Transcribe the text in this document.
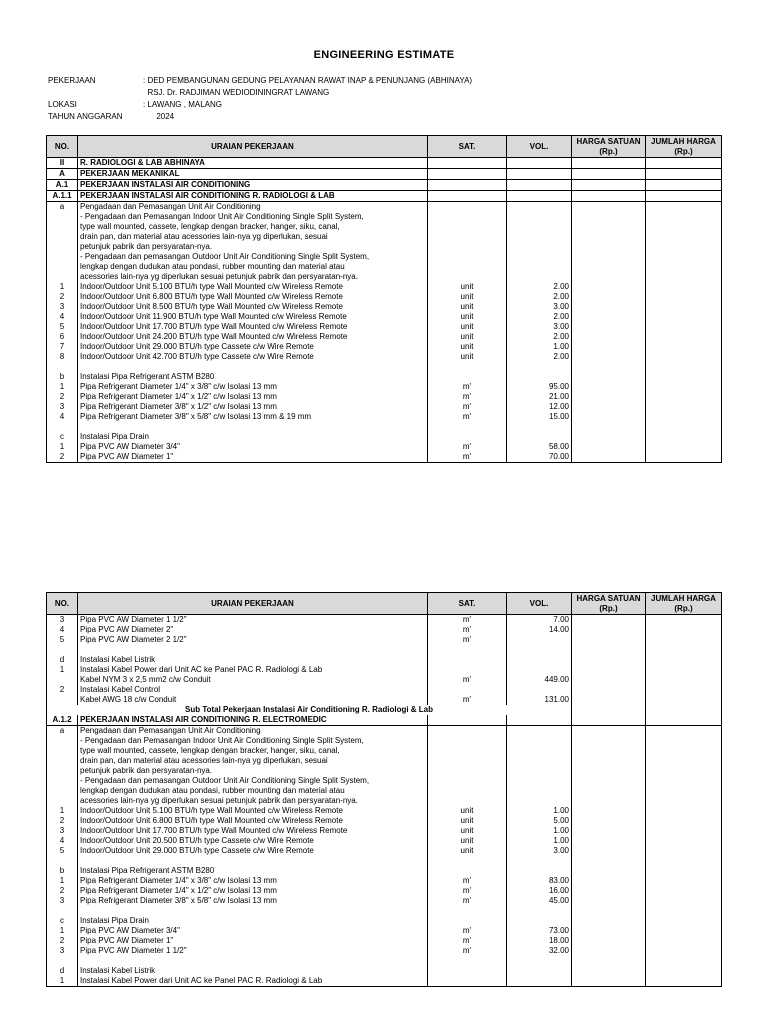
ENGINEERING ESTIMATE
PEKERJAAN	: DED PEMBANGUNAN GEDUNG PELAYANAN RAWAT INAP & PENUNJANG (ABHINAYA)
RSJ. Dr. RADJIMAN WEDIODININGRAT LAWANG
LOKASI	: LAWANG , MALANG
TAHUN ANGGARAN	2024
NO.	URAIAN PEKERJAAN	SAT.	VOL.	HARGA SATUAN (Rp.)	JUMLAH HARGA (Rp.)
II	R. RADIOLOGI & LAB ABHINAYA				
A	PEKERJAAN MEKANIKAL				
A.1	PEKERJAAN INSTALASI AIR CONDITIONING				
A.1.1	PEKERJAAN INSTALASI AIR CONDITIONING R. RADIOLOGI & LAB				
a	Pengadaan dan Pemasangan Unit Air Conditioning				
	- Pengadaan dan Pemasangan Indoor Unit Air Conditioning Single Split System,				
	type wall mounted, cassete, lengkap dengan bracker, hanger, siku, canal,				
	drain pan, dan material atau acessories lain-nya yg diperlukan, sesuai				
	petunjuk pabrik dan persyaratan-nya.				
	- Pengadaan dan pemasangan Outdoor Unit Air Conditioning Single Split System,				
	lengkap dengan dudukan atau pondasi, rubber mounting dan material atau				
	acessories lain-nya yg diperlukan sesuai petunjuk pabrik dan persyaratan-nya.				
1	Indoor/Outdoor Unit 5.100 BTU/h type Wall Mounted c/w Wireless Remote	unit	2.00		
2	Indoor/Outdoor Unit 6.800 BTU/h type Wall Mounted c/w Wireless Remote	unit	2.00		
3	Indoor/Outdoor Unit 8.500 BTU/h type Wall Mounted c/w Wireless Remote	unit	3.00		
4	Indoor/Outdoor Unit 11.900 BTU/h type Wall Mounted c/w Wireless Remote	unit	2.00		
5	Indoor/Outdoor Unit 17.700 BTU/h type Wall Mounted c/w Wireless Remote	unit	3.00		
6	Indoor/Outdoor Unit 24.200 BTU/h type Wall Mounted c/w Wireless Remote	unit	2.00		
7	Indoor/Outdoor Unit 29.000 BTU/h type Cassete c/w Wire Remote	unit	1.00		
8	Indoor/Outdoor Unit 42.700 BTU/h type Cassete c/w Wire Remote	unit	2.00		

b	Instalasi Pipa Refrigerant ASTM B280				
1	Pipa Refrigerant Diameter 1/4" x 3/8" c/w Isolasi 13 mm	m'	95.00		
2	Pipa Refrigerant Diameter 1/4" x 1/2" c/w Isolasi 13 mm	m'	21.00		
3	Pipa Refrigerant Diameter 3/8" x 1/2" c/w Isolasi 13 mm	m'	12.00		
4	Pipa Refrigerant Diameter 3/8" x 5/8" c/w Isolasi 13 mm & 19 mm	m'	15.00		

c	Instalasi Pipa Drain				
1	Pipa PVC AW Diameter 3/4"	m'	58.00		
2	Pipa PVC AW Diameter 1"	m'	70.00		
NO.	URAIAN PEKERJAAN	SAT.	VOL.	HARGA SATUAN (Rp.)	JUMLAH HARGA (Rp.)
3	Pipa PVC AW Diameter 1 1/2"	m'	7.00		
4	Pipa PVC AW Diameter 2"	m'	14.00		
5	Pipa PVC AW Diameter 2 1/2"	m'			

d	Instalasi Kabel Listrik				
1	Instalasi Kabel Power dari Unit AC ke Panel PAC R. Radiologi & Lab				
	Kabel NYM 3 x 2,5 mm2 c/w Conduit	m'	449.00		
2	Instalasi Kabel Control				
	Kabel AWG 18 c/w Conduit	m'	131.00		
Sub Total Pekerjaan Instalasi Air Conditioning R. Radiologi & Lab					
A.1.2	PEKERJAAN INSTALASI AIR CONDITIONING R. ELECTROMEDIC				
a	Pengadaan dan Pemasangan Unit Air Conditioning				
	- Pengadaan dan Pemasangan Indoor Unit Air Conditioning Single Split System,				
	type wall mounted, cassete, lengkap dengan bracker, hanger, siku, canal,				
	drain pan, dan material atau acessories lain-nya yg diperlukan, sesuai				
	petunjuk pabrik dan persyaratan-nya.				
	- Pengadaan dan pemasangan Outdoor Unit Air Conditioning Single Split System,				
	lengkap dengan dudukan atau pondasi, rubber mounting dan material atau				
	acessories lain-nya yg diperlukan sesuai petunjuk pabrik dan persyaratan-nya.				
1	Indoor/Outdoor Unit 5.100 BTU/h type Wall Mounted c/w Wireless Remote	unit	1.00		
2	Indoor/Outdoor Unit 6.800 BTU/h type Wall Mounted c/w Wireless Remote	unit	5.00		
3	Indoor/Outdoor Unit 17.700 BTU/h type Wall Mounted c/w Wireless Remote	unit	1.00		
4	Indoor/Outdoor Unit 20.500 BTU/h type Cassete c/w Wire Remote	unit	1.00		
5	Indoor/Outdoor Unit 29.000 BTU/h type Cassete c/w Wire Remote	unit	3.00		

b	Instalasi Pipa Refrigerant ASTM B280				
1	Pipa Refrigerant Diameter 1/4" x 3/8" c/w Isolasi 13 mm	m'	83.00		
2	Pipa Refrigerant Diameter 1/4" x 1/2" c/w Isolasi 13 mm	m'	16.00		
3	Pipa Refrigerant Diameter 3/8" x 5/8" c/w Isolasi 13 mm	m'	45.00		

c	Instalasi Pipa Drain				
1	Pipa PVC AW Diameter 3/4"	m'	73.00		
2	Pipa PVC AW Diameter 1"	m'	18.00		
3	Pipa PVC AW Diameter 1 1/2"	m'	32.00		

d	Instalasi Kabel Listrik				
1	Instalasi Kabel Power dari Unit AC ke Panel PAC R. Radiologi & Lab				
